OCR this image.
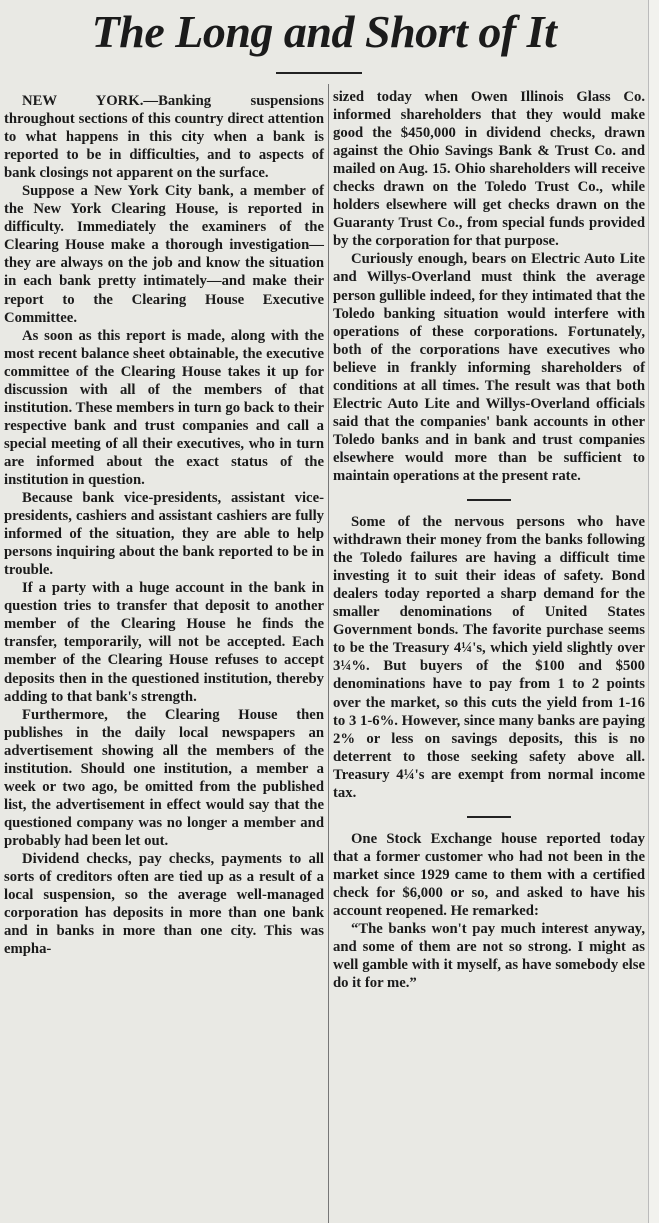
The Long and Short of It

NEW YORK.—Banking suspensions throughout sections of this country direct attention to what happens in this city when a bank is reported to be in difficulties, and to aspects of bank closings not apparent on the surface.

Suppose a New York City bank, a member of the New York Clearing House, is reported in difficulty. Immediately the examiners of the Clearing House make a thorough investigation—they are always on the job and know the situation in each bank pretty intimately—and make their report to the Clearing House Executive Committee.

As soon as this report is made, along with the most recent balance sheet obtainable, the executive committee of the Clearing House takes it up for discussion with all of the members of that institution. These members in turn go back to their respective bank and trust companies and call a special meeting of all their executives, who in turn are informed about the exact status of the institution in question.

Because bank vice-presidents, assistant vice-presidents, cashiers and assistant cashiers are fully informed of the situation, they are able to help persons inquiring about the bank reported to be in trouble.

If a party with a huge account in the bank in question tries to transfer that deposit to another member of the Clearing House he finds the transfer, temporarily, will not be accepted. Each member of the Clearing House refuses to accept deposits then in the questioned institution, thereby adding to that bank's strength.

Furthermore, the Clearing House then publishes in the daily local newspapers an advertisement showing all the members of the institution. Should one institution, a member a week or two ago, be omitted from the published list, the advertisement in effect would say that the questioned company was no longer a member and probably had been let out.

Dividend checks, pay checks, payments to all sorts of creditors often are tied up as a result of a local suspension, so the average well-managed corporation has deposits in more than one bank and in banks in more than one city. This was empha-

sized today when Owen Illinois Glass Co. informed shareholders that they would make good the $450,000 in dividend checks, drawn against the Ohio Savings Bank & Trust Co. and mailed on Aug. 15. Ohio shareholders will receive checks drawn on the Toledo Trust Co., while holders elsewhere will get checks drawn on the Guaranty Trust Co., from special funds provided by the corporation for that purpose.

Curiously enough, bears on Electric Auto Lite and Willys-Overland must think the average person gullible indeed, for they intimated that the Toledo banking situation would interfere with operations of these corporations. Fortunately, both of the corporations have executives who believe in frankly informing shareholders of conditions at all times. The result was that both Electric Auto Lite and Willys-Overland officials said that the companies' bank accounts in other Toledo banks and in bank and trust companies elsewhere would more than be sufficient to maintain operations at the present rate.

Some of the nervous persons who have withdrawn their money from the banks following the Toledo failures are having a difficult time investing it to suit their ideas of safety. Bond dealers today reported a sharp demand for the smaller denominations of United States Government bonds. The favorite purchase seems to be the Treasury 4¼'s, which yield slightly over 3¼%. But buyers of the $100 and $500 denominations have to pay from 1 to 2 points over the market, so this cuts the yield from 1-16 to 3 1-6%. However, since many banks are paying 2% or less on savings deposits, this is no deterrent to those seeking safety above all. Treasury 4¼'s are exempt from normal income tax.

One Stock Exchange house reported today that a former customer who had not been in the market since 1929 came to them with a certified check for $6,000 or so, and asked to have his account reopened. He remarked:

“The banks won't pay much interest anyway, and some of them are not so strong. I might as well gamble with it myself, as have somebody else do it for me.”
